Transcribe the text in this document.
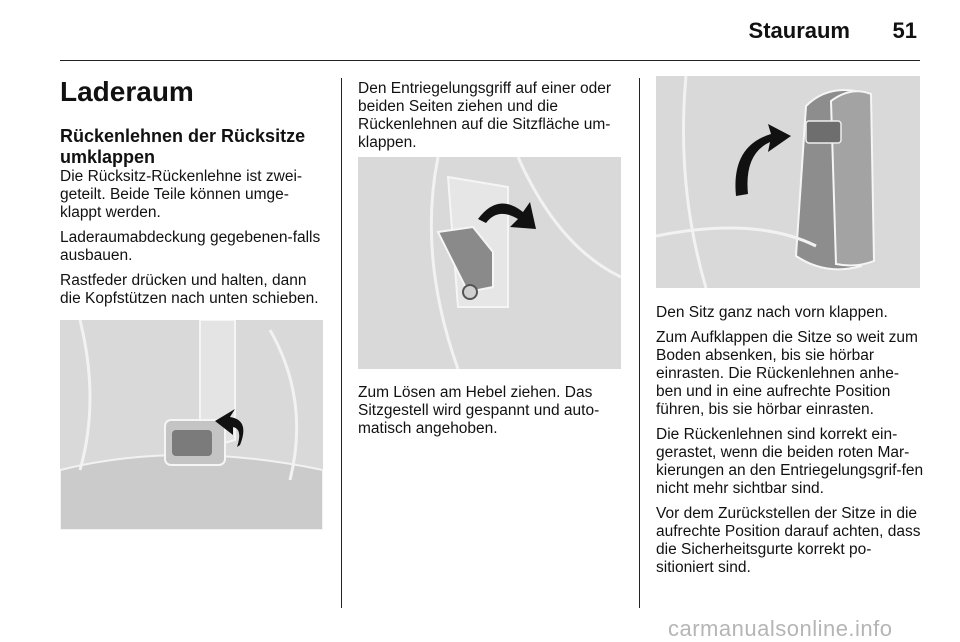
Stauraum	51
Laderaum
Rückenlehnen der Rücksitze umklappen

Die Rücksitz-Rückenlehne ist zwei-geteilt. Beide Teile können umge-klappt werden.

Laderaumabdeckung gegebenen-falls ausbauen.

Rastfeder drücken und halten, dann die Kopfstützen nach unten schieben.

Den Entriegelungsgriff auf einer oder beiden Seiten ziehen und die Rückenlehnen auf die Sitzfläche um-klappen.

Zum Lösen am Hebel ziehen. Das Sitzgestell wird gespannt und auto-matisch angehoben.

Den Sitz ganz nach vorn klappen.

Zum Aufklappen die Sitze so weit zum Boden absenken, bis sie hörbar einrasten. Die Rückenlehnen anhe-ben und in eine aufrechte Position führen, bis sie hörbar einrasten.

Die Rückenlehnen sind korrekt ein-gerastet, wenn die beiden roten Mar-kierungen an den Entriegelungsgrif-fen nicht mehr sichtbar sind.

Vor dem Zurückstellen der Sitze in die aufrechte Position darauf achten, dass die Sicherheitsgurte korrekt po-sitioniert sind.

carmanualsonline.info
